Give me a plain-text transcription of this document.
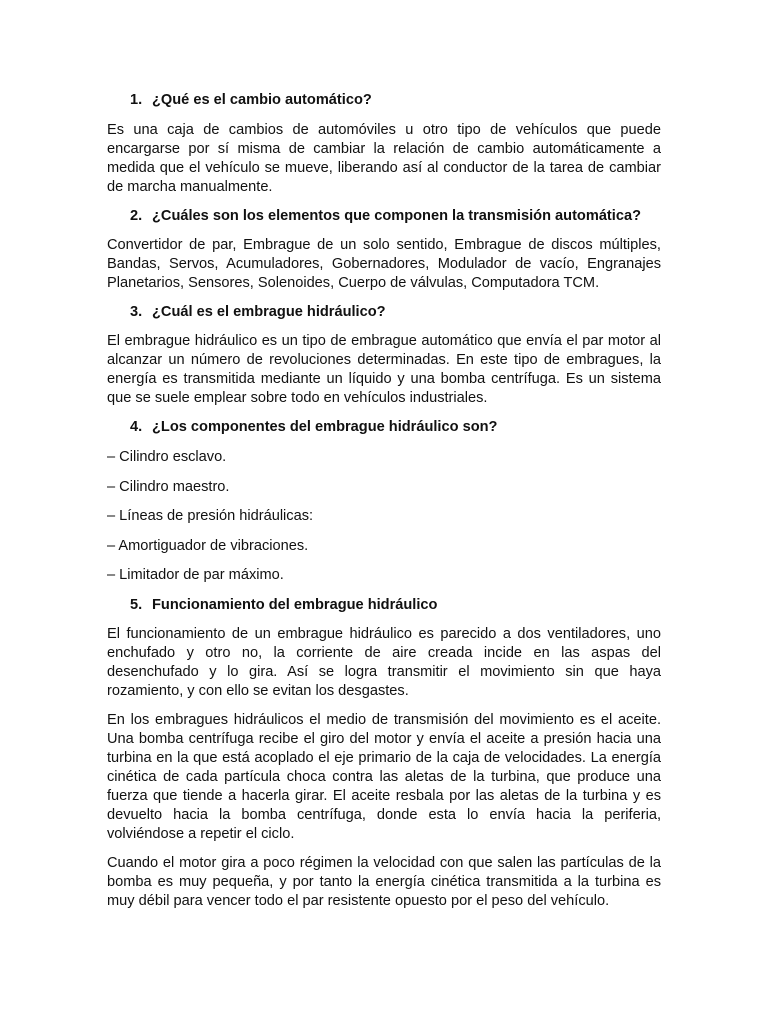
1. ¿Qué es el cambio automático?
Es una caja de cambios de automóviles u otro tipo de vehículos que puede encargarse por sí misma de cambiar la relación de cambio automáticamente a medida que el vehículo se mueve, liberando así al conductor de la tarea de cambiar de marcha manualmente.
2. ¿Cuáles son los elementos que componen la transmisión automática?
Convertidor de par, Embrague de un solo sentido, Embrague de discos múltiples, Bandas, Servos, Acumuladores, Gobernadores, Modulador de vacío, Engranajes Planetarios, Sensores, Solenoides, Cuerpo de válvulas, Computadora TCM.
3. ¿Cuál es el embrague hidráulico?
El embrague hidráulico es un tipo de embrague automático que envía el par motor al alcanzar un número de revoluciones determinadas. En este tipo de embragues, la energía es transmitida mediante un líquido y una bomba centrífuga. Es un sistema que se suele emplear sobre todo en vehículos industriales.
4. ¿Los componentes del embrague hidráulico son?
– Cilindro esclavo.
– Cilindro maestro.
– Líneas de presión hidráulicas:
– Amortiguador de vibraciones.
– Limitador de par máximo.
5. Funcionamiento del embrague hidráulico
El funcionamiento de un embrague hidráulico es parecido a dos ventiladores, uno enchufado y otro no, la corriente de aire creada incide en las aspas del desenchufado y lo gira. Así se logra transmitir el movimiento sin que haya rozamiento, y con ello se evitan los desgastes.
En los embragues hidráulicos el medio de transmisión del movimiento es el aceite. Una bomba centrífuga recibe el giro del motor y envía el aceite a presión hacia una turbina en la que está acoplado el eje primario de la caja de velocidades. La energía cinética de cada partícula choca contra las aletas de la turbina, que produce una fuerza que tiende a hacerla girar. El aceite resbala por las aletas de la turbina y es devuelto hacia la bomba centrífuga, donde esta lo envía hacia la periferia, volviéndose a repetir el ciclo.
Cuando el motor gira a poco régimen la velocidad con que salen las partículas de la bomba es muy pequeña, y por tanto la energía cinética transmitida a la turbina es muy débil para vencer todo el par resistente opuesto por el peso del vehículo.
